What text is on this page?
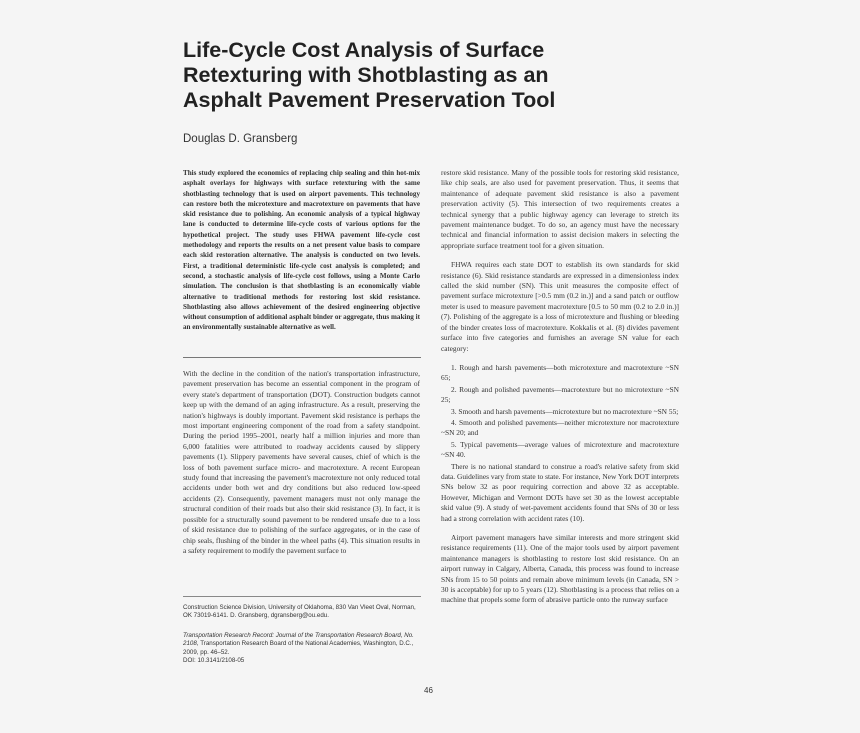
Life-Cycle Cost Analysis of Surface
Retexturing with Shotblasting as an
Asphalt Pavement Preservation Tool
Douglas D. Gransberg
This study explored the economics of replacing chip sealing and thin hot-mix asphalt overlays for highways with surface retexturing with the same shotblasting technology that is used on airport pavements. This technology can restore both the microtexture and macrotexture on pavements that have skid resistance due to polishing. An economic analysis of a typical highway lane is conducted to determine life-cycle costs of various options for the hypothetical project. The study uses FHWA pavement life-cycle cost methodology and reports the results on a net present value basis to compare each skid restoration alternative. The analysis is conducted on two levels. First, a traditional deterministic life-cycle cost analysis is completed; and second, a stochastic analysis of life-cycle cost follows, using a Monte Carlo simulation. The conclusion is that shotblasting is an economically viable alternative to traditional methods for restoring lost skid resistance. Shotblasting also allows achievement of the desired engineering objective without consumption of additional asphalt binder or aggregate, thus making it an environmentally sustainable alternative as well.

With the decline in the condition of the nation's transportation infrastructure, pavement preservation has become an essential component in the program of every state's department of transportation (DOT). Construction budgets cannot keep up with the demand of an aging infrastructure. As a result, preserving the nation's highways is doubly important. Pavement skid resistance is perhaps the most important engineering component of the road from a safety standpoint. During the period 1995–2001, nearly half a million injuries and more than 6,000 fatalities were attributed to roadway accidents caused by slippery pavements (1). Slippery pavements have several causes, chief of which is the loss of both pavement surface micro- and macrotexture. A recent European study found that increasing the pavement's macrotexture not only reduced total accidents under both wet and dry conditions but also reduced low-speed accidents (2). Consequently, pavement managers must not only manage the structural condition of their roads but also their skid resistance (3). In fact, it is possible for a structurally sound pavement to be rendered unsafe due to a loss of skid resistance due to polishing of the surface aggregates, or in the case of chip seals, flushing of the binder in the wheel paths (4). This situation results in a safety requirement to modify the pavement surface to

Construction Science Division, University of Oklahoma, 830 Van Vleet Oval, Norman, OK 73019-6141. D. Gransberg, dgransberg@ou.edu.
Transportation Research Record: Journal of the Transportation Research Board, No. 2108, Transportation Research Board of the National Academies, Washington, D.C., 2009, pp. 46–52.
DOI: 10.3141/2108-05

restore skid resistance. Many of the possible tools for restoring skid resistance, like chip seals, are also used for pavement preservation. Thus, it seems that maintenance of adequate pavement skid resistance is also a pavement preservation activity (5). This intersection of two requirements creates a technical synergy that a public highway agency can leverage to stretch its pavement maintenance budget. To do so, an agency must have the necessary technical and financial information to assist decision makers in selecting the appropriate surface treatment tool for a given situation.

FHWA requires each state DOT to establish its own standards for skid resistance (6). Skid resistance standards are expressed in a dimensionless index called the skid number (SN). This unit measures the composite effect of pavement surface microtexture [>0.5 mm (0.2 in.)] and a sand patch or outflow meter is used to measure pavement macrotexture [0.5 to 50 mm (0.2 to 2.0 in.)] (7). Polishing of the aggregate is a loss of microtexture and flushing or bleeding of the binder creates loss of macrotexture. Kokkalis et al. (8) divides pavement surface into five categories and furnishes an average SN value for each category:

1. Rough and harsh pavements—both microtexture and macrotexture ~SN 65;
2. Rough and polished pavements—macrotexture but no microtexture ~SN 25;
3. Smooth and harsh pavements—microtexture but no macrotexture ~SN 55;
4. Smooth and polished pavements—neither microtexture nor macrotexture ~SN 20; and
5. Typical pavements—average values of microtexture and macrotexture ~SN 40.

There is no national standard to construe a road's relative safety from skid data. Guidelines vary from state to state. For instance, New York DOT interprets SNs below 32 as poor requiring correction and above 32 as acceptable. However, Michigan and Vermont DOTs have set 30 as the lowest acceptable skid value (9). A study of wet-pavement accidents found that SNs of 30 or less had a strong correlation with accident rates (10).

Airport pavement managers have similar interests and more stringent skid resistance requirements (11). One of the major tools used by airport pavement maintenance managers is shotblasting to restore lost skid resistance. On an airport runway in Calgary, Alberta, Canada, this process was found to increase SNs from 15 to 50 points and remain above minimum levels (in Canada, SN > 30 is acceptable) for up to 5 years (12). Shotblasting is a process that relies on a machine that propels some form of abrasive particle onto the runway surface

46
